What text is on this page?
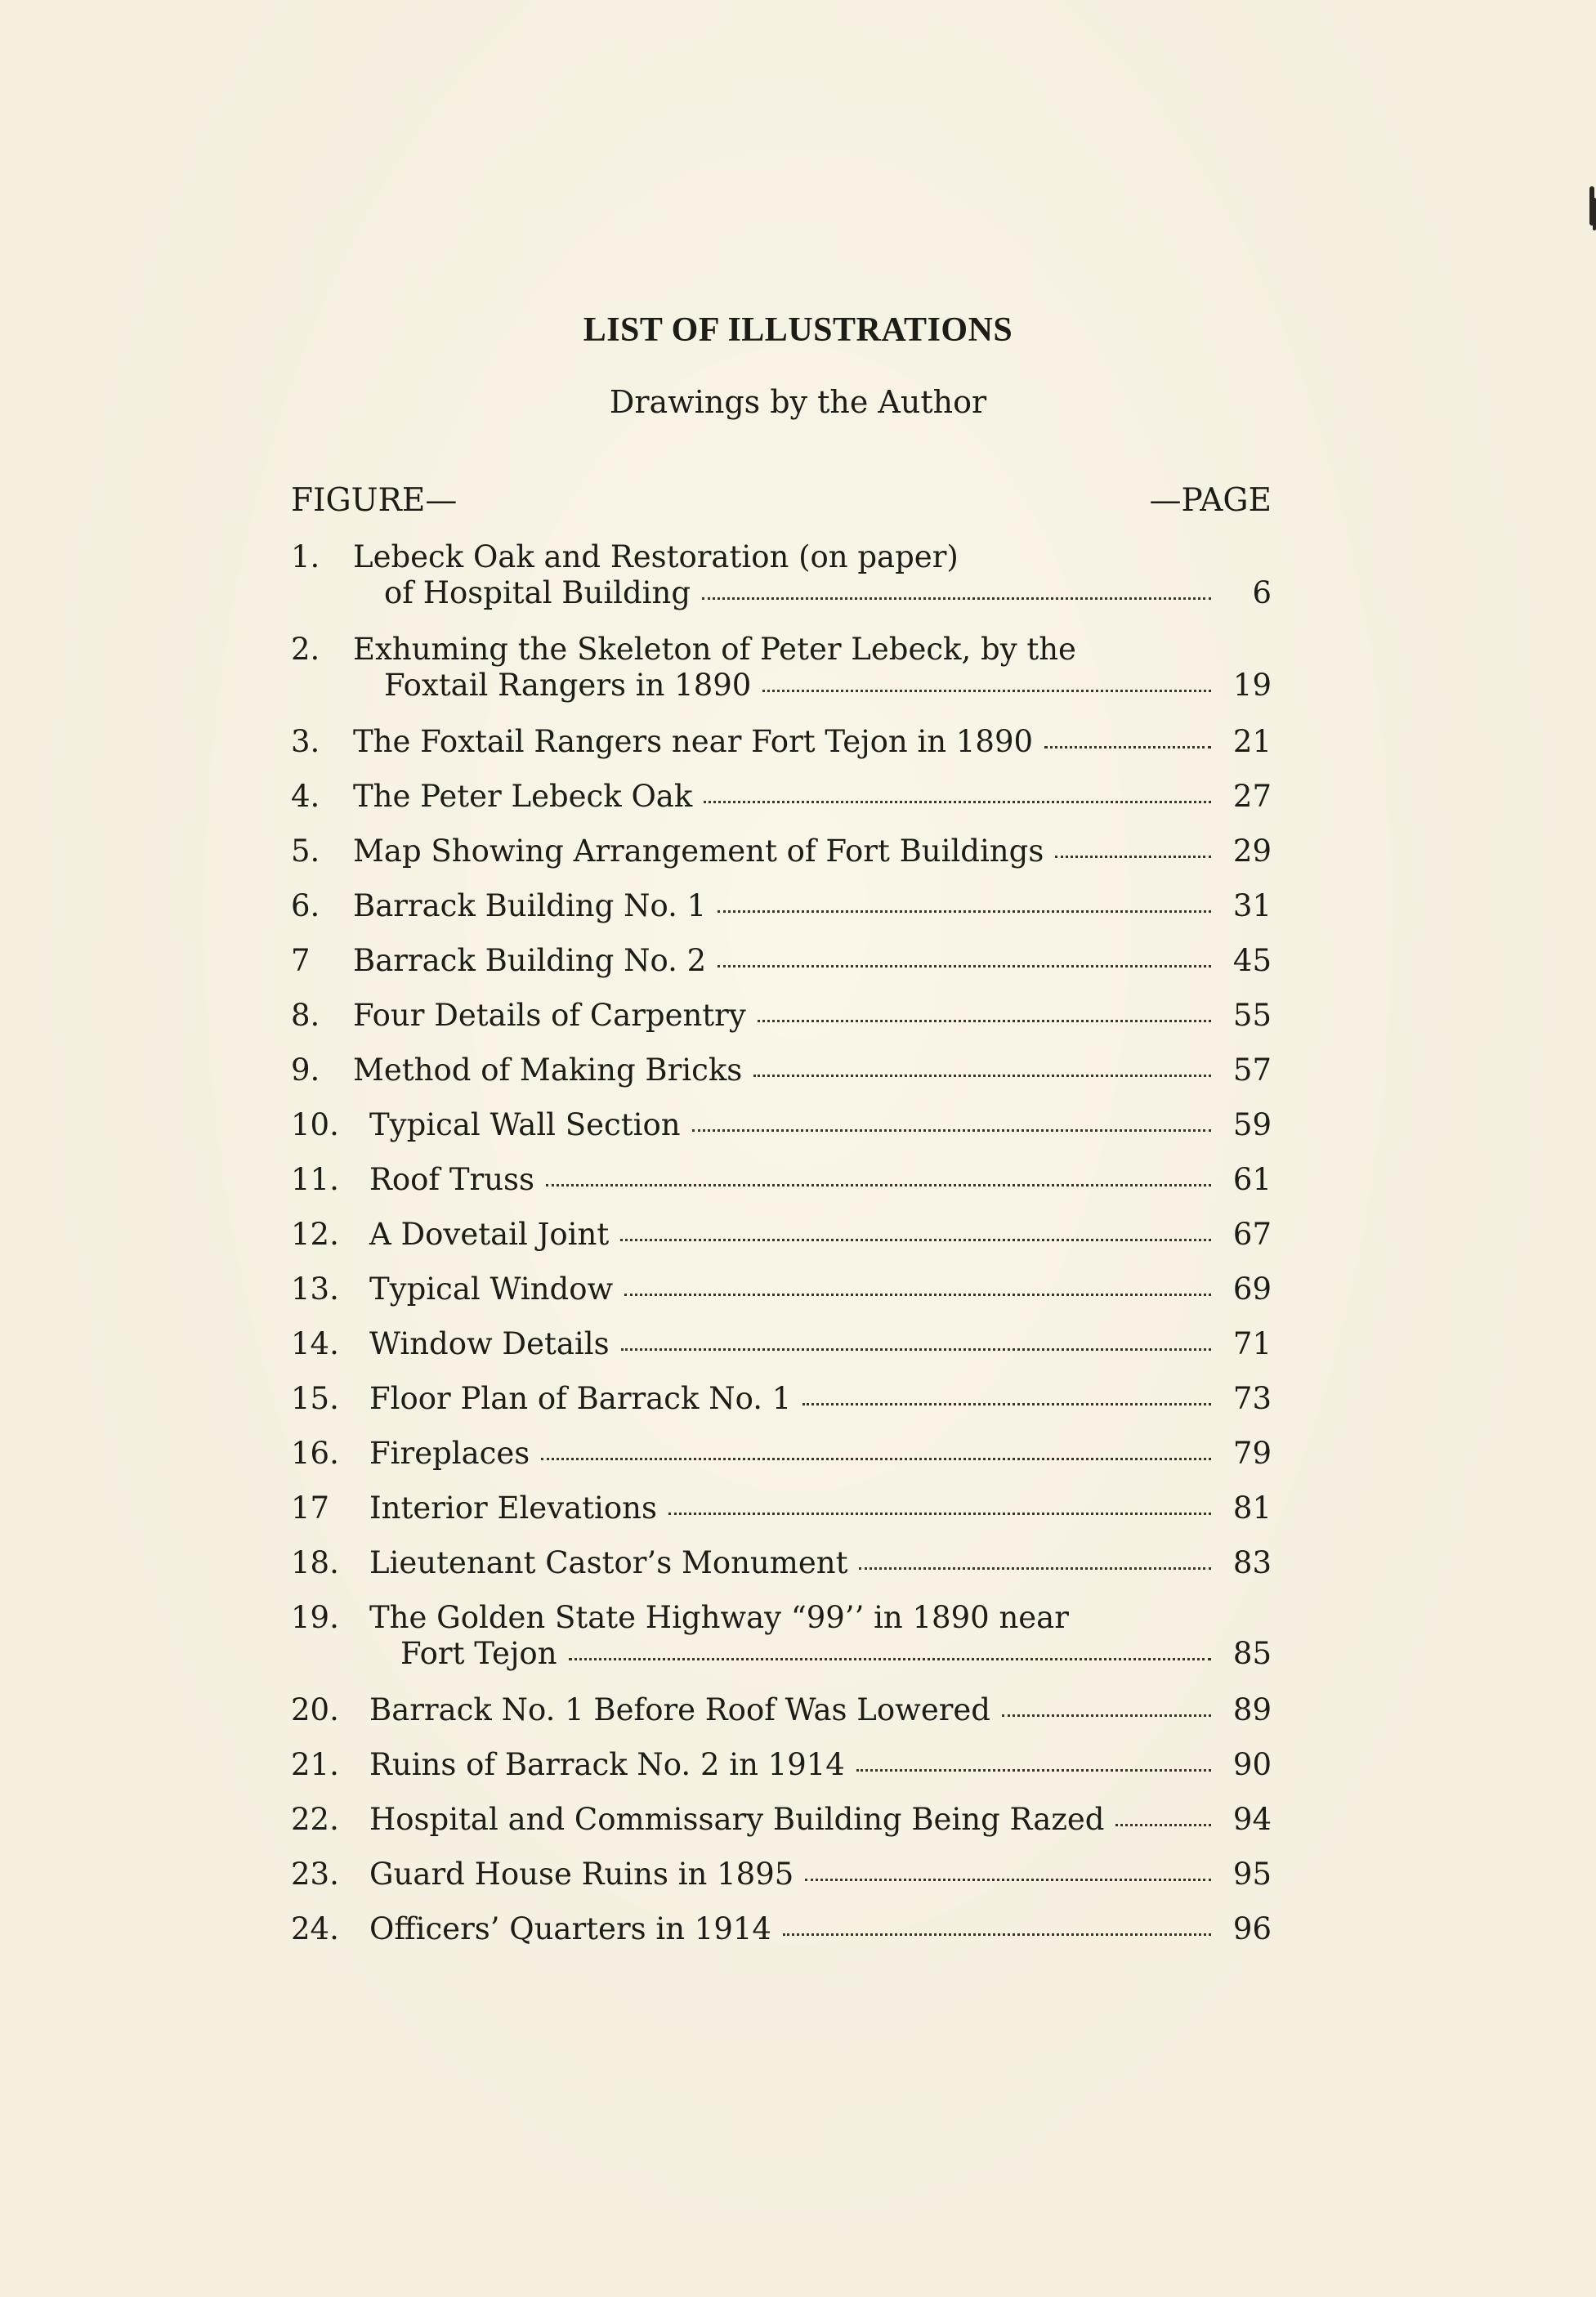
LIST OF ILLUSTRATIONS
Drawings by the Author
FIGURE—	—PAGE
1.	Lebeck Oak and Restoration (on paper)
of Hospital Building	6
2.	Exhuming the Skeleton of Peter Lebeck, by the
Foxtail Rangers in 1890	19
3.	The Foxtail Rangers near Fort Tejon in 1890	21
4.	The Peter Lebeck Oak	27
5.	Map Showing Arrangement of Fort Buildings	29
6.	Barrack Building No. 1	31
7	Barrack Building No. 2	45
8.	Four Details of Carpentry	55
9.	Method of Making Bricks	57
10.	Typical Wall Section	59
11.	Roof Truss	61
12.	A Dovetail Joint	67
13.	Typical Window	69
14.	Window Details	71
15.	Floor Plan of Barrack No. 1	73
16.	Fireplaces	79
17	Interior Elevations	81
18.	Lieutenant Castor’s Monument	83
19.	The Golden State Highway “99’’ in 1890 near
Fort Tejon	85
20.	Barrack No. 1 Before Roof Was Lowered	89
21.	Ruins of Barrack No. 2 in 1914	90
22.	Hospital and Commissary Building Being Razed	94
23.	Guard House Ruins in 1895	95
24.	Officers’ Quarters in 1914	96
